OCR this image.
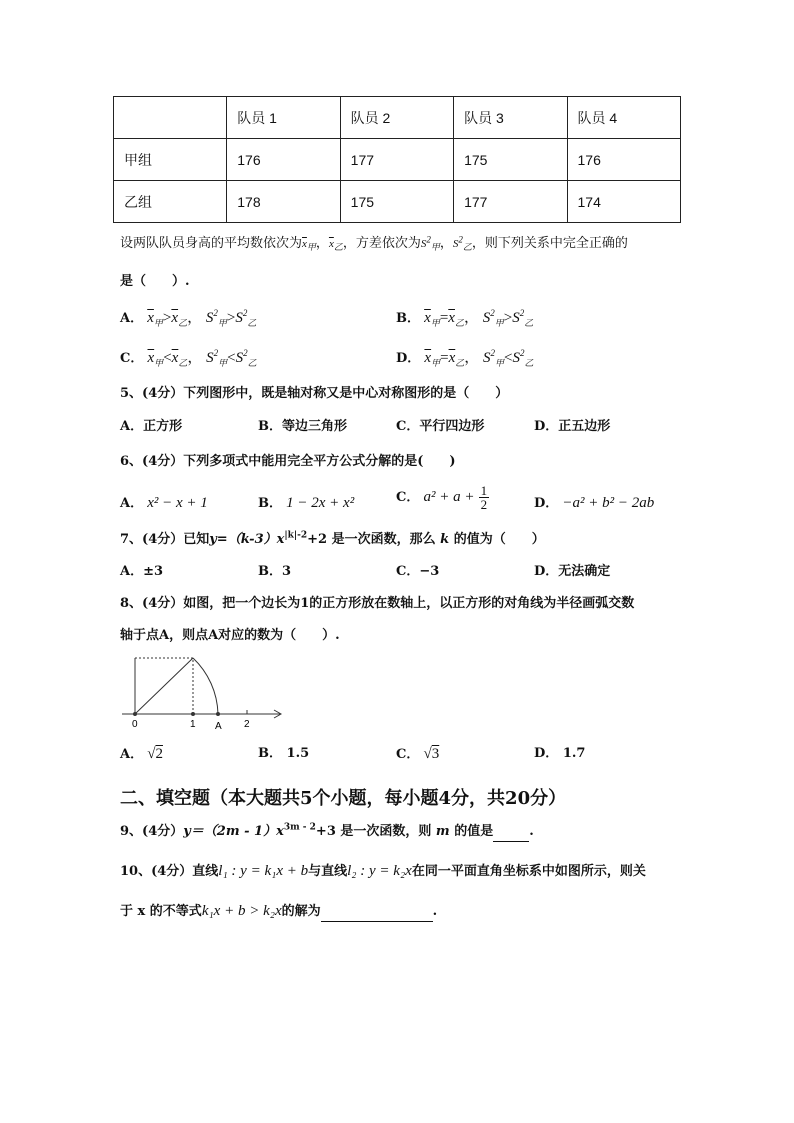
	队员 1	队员 2	队员 3	队员 4
甲组	176	177	175	176
乙组	178	175	177	174
设两队队员身高的平均数依次为$\overline{x}_甲$，$\overline{x}_乙$，方差依次为$S^2_甲$，$S^2_乙$，则下列关系中完全正确的
是（　　）.
A． $\overline{x}_甲>\overline{x}_乙$， $S^2_甲>S^2_乙$	B． $\overline{x}_甲=\overline{x}_乙$， $S^2_甲>S^2_乙$
C． $\overline{x}_甲<\overline{x}_乙$， $S^2_甲<S^2_乙$	D． $\overline{x}_甲=\overline{x}_乙$， $S^2_甲<S^2_乙$
5、(4分）下列图形中，既是轴对称又是中心对称图形的是（　　）
A．正方形	B．等边三角形	C．平行四边形	D．正五边形
6、(4分）下列多项式中能用完全平方公式分解的是(　　)
A． x² − x + 1	B． 1 − 2x + x²	C． $a^2 + a + \frac{1}{2}$	D． −a² + b² − 2ab
7、(4分）已知$y=(k-3)x^{|k|-2}+2$ 是一次函数，那么 k 的值为（　　）
A．±3	B．3	C．−3	D．无法确定
8、(4分）如图，把一个边长为1的正方形放在数轴上，以正方形的对角线为半径画弧交数
轴于点A，则点A对应的数为（　　）.
0	1 A 2
A． √2	B． 1.5	C． √3	D． 1.7
二、填空题（本大题共5个小题，每小题4分，共20分）
9、(4分）$y=(2m - 1)x^{3m - 2}+3$ 是一次函数，则 m 的值是	.
10、(4分）直线l₁ : y = k₁x + b与直线l₂ : y = k₂x在同一平面直角坐标系中如图所示，则关
于 x 的不等式k₁x + b > k₂x的解为	.
